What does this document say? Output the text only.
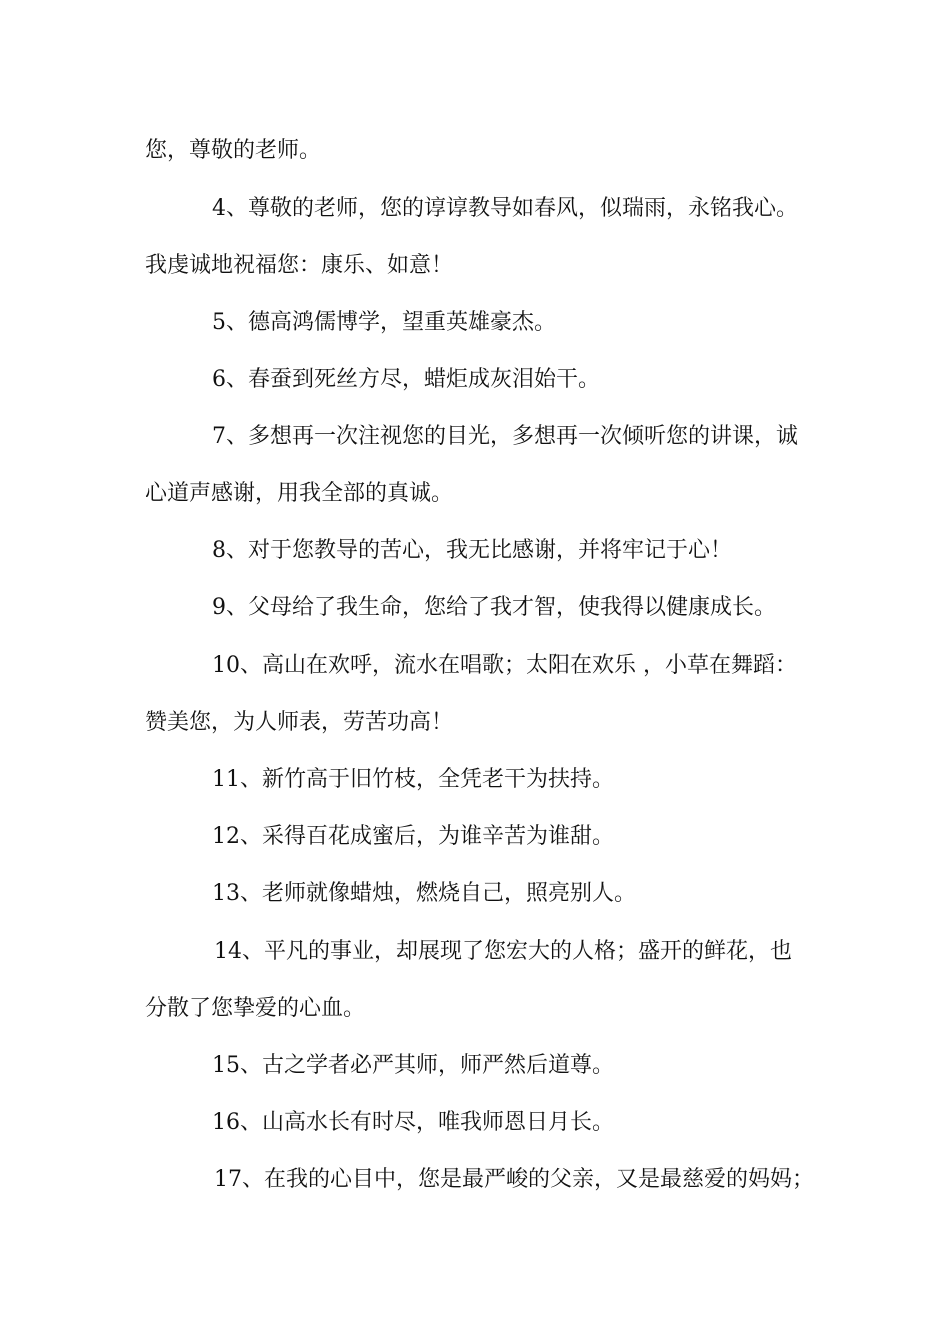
您，尊敬的老师。
4、尊敬的老师，您的谆谆教导如春风，似瑞雨，永铭我心。
我虔诚地祝福您：康乐、如意！
5、德高鸿儒博学，望重英雄豪杰。
6、春蚕到死丝方尽，蜡炬成灰泪始干。
7、多想再一次注视您的目光，多想再一次倾听您的讲课，诚
心道声感谢，用我全部的真诚。
8、对于您教导的苦心，我无比感谢，并将牢记于心！
9、父母给了我生命，您给了我才智，使我得以健康成长。
10、高山在欢呼，流水在唱歌；太阳在欢乐 ，小草在舞蹈：
赞美您，为人师表，劳苦功高！
11、新竹高于旧竹枝，全凭老干为扶持。
12、采得百花成蜜后，为谁辛苦为谁甜。
13、老师就像蜡烛，燃烧自己，照亮别人。
14、平凡的事业，却展现了您宏大的人格；盛开的鲜花，也
分散了您挚爱的心血。
15、古之学者必严其师，师严然后道尊。
16、山高水长有时尽，唯我师恩日月长。
17、在我的心目中，您是最严峻的父亲，又是最慈爱的妈妈；
